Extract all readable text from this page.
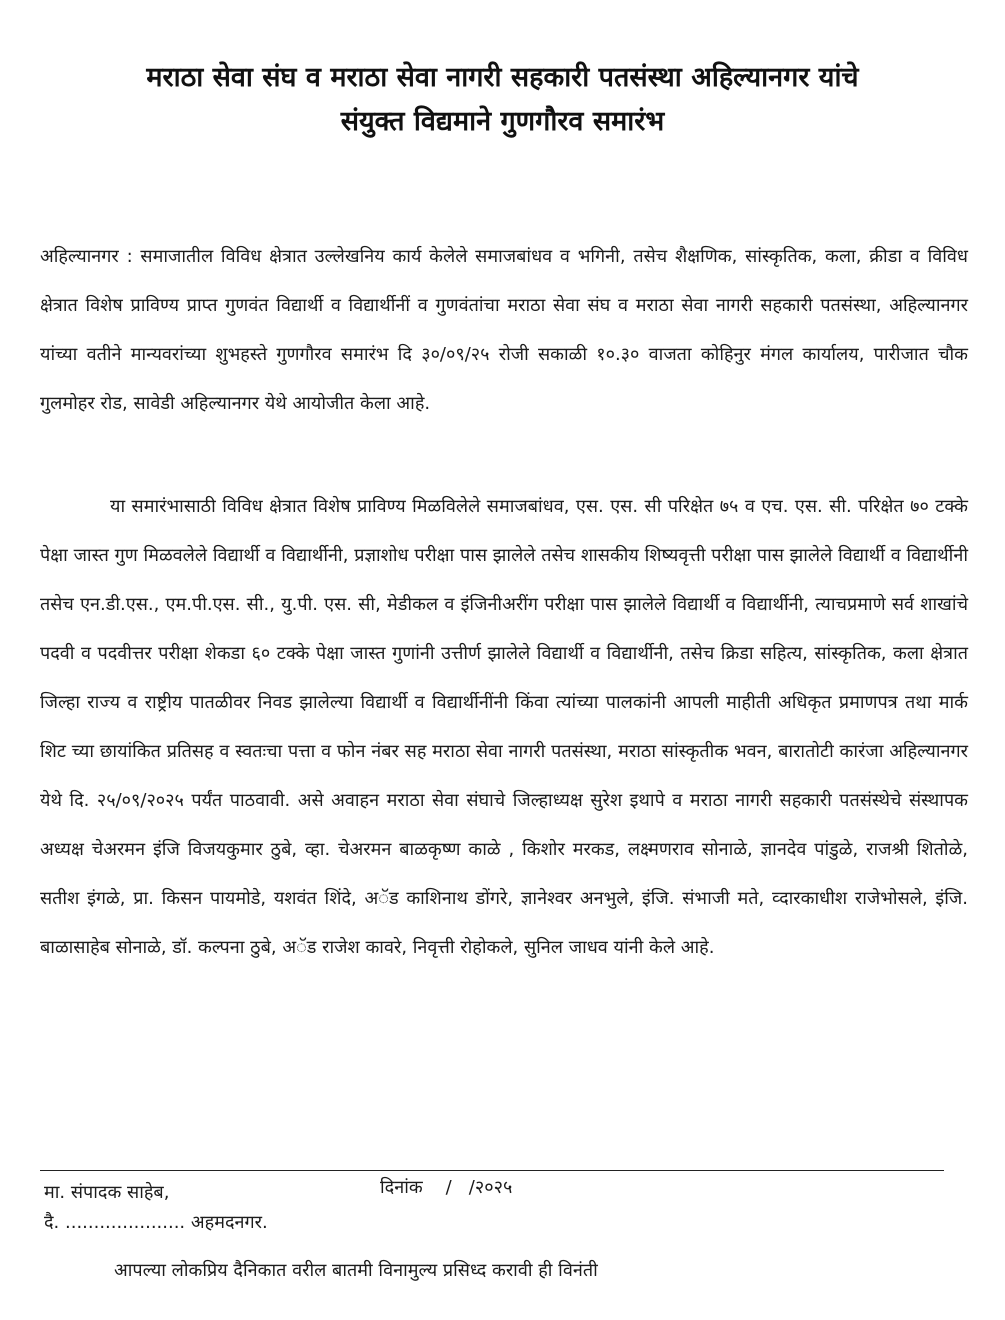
मराठा सेवा संघ व मराठा सेवा नागरी सहकारी पतसंस्था अहिल्यानगर यांचे
संयुक्त विद्यमाने गुणगौरव समारंभ
अहिल्यानगर : समाजातील विविध क्षेत्रात उल्लेखनिय कार्य केलेले समाजबांधव व भगिनी, तसेच शैक्षणिक, सांस्कृतिक, कला, क्रीडा व विविध क्षेत्रात विशेष प्राविण्य प्राप्त गुणवंत विद्यार्थी व विद्यार्थीनीं व गुणवंतांचा मराठा सेवा संघ व मराठा सेवा नागरी सहकारी पतसंस्था, अहिल्यानगर यांच्या वतीने मान्यवरांच्या शुभहस्ते गुणगौरव समारंभ दि ३०/०९/२५ रोजी सकाळी १०.३० वाजता कोहिनुर मंगल कार्यालय, पारीजात चौक गुलमोहर रोड, सावेडी अहिल्यानगर येथे आयोजीत केला आहे.
या समारंभासाठी विविध क्षेत्रात विशेष प्राविण्य मिळविलेले समाजबांधव, एस. एस. सी परिक्षेत ७५ व एच. एस. सी. परिक्षेत ७० टक्के पेक्षा जास्त गुण मिळवलेले विद्यार्थी व विद्यार्थीनी, प्रज्ञाशोध परीक्षा पास झालेले तसेच शासकीय शिष्यवृत्ती परीक्षा पास झालेले विद्यार्थी व विद्यार्थीनी तसेच एन.डी.एस., एम.पी.एस. सी., यु.पी. एस. सी, मेडीकल व इंजिनीअरींग परीक्षा पास झालेले विद्यार्थी व विद्यार्थीनी, त्याचप्रमाणे सर्व शाखांचे पदवी व पदवीत्तर परीक्षा शेकडा ६० टक्के पेक्षा जास्त गुणांनी उत्तीर्ण झालेले विद्यार्थी व विद्यार्थीनी, तसेच क्रिडा सहित्य, सांस्कृतिक, कला क्षेत्रात जिल्हा राज्य व राष्ट्रीय पातळीवर निवड झालेल्या विद्यार्थी व विद्यार्थीनींनी किंवा त्यांच्या पालकांनी आपली माहीती अधिकृत प्रमाणपत्र तथा मार्क शिट च्या छायांकित प्रतिसह व स्वतःचा पत्ता व फोन नंबर सह मराठा सेवा नागरी पतसंस्था, मराठा सांस्कृतीक भवन, बारातोटी कारंजा अहिल्यानगर येथे दि. २५/०९/२०२५ पर्यंत पाठवावी. असे अवाहन मराठा सेवा संघाचे जिल्हाध्यक्ष सुरेश इथापे व मराठा नागरी सहकारी पतसंस्थेचे संस्थापक अध्यक्ष चेअरमन इंजि विजयकुमार ठुबे, व्हा. चेअरमन बाळकृष्ण काळे , किशोर मरकड, लक्ष्मणराव सोनाळे, ज्ञानदेव पांडुळे, राजश्री शितोळे, सतीश इंगळे, प्रा. किसन पायमोडे, यशवंत शिंदे, अॅड काशिनाथ डोंगरे, ज्ञानेश्वर अनभुले, इंजि. संभाजी मते, व्दारकाधीश राजेभोसले, इंजि. बाळासाहेब सोनाळे, डॉ. कल्पना ठुबे, अॅड राजेश कावरे, निवृत्ती रोहोकले, सुनिल जाधव यांनी केले आहे.
मा. संपादक साहेब,	दिनांक    /   /२०२५
दै. ..................... अहमदनगर.
आपल्या लोकप्रिय दैनिकात वरील बातमी विनामुल्य प्रसिध्द करावी ही विनंती
